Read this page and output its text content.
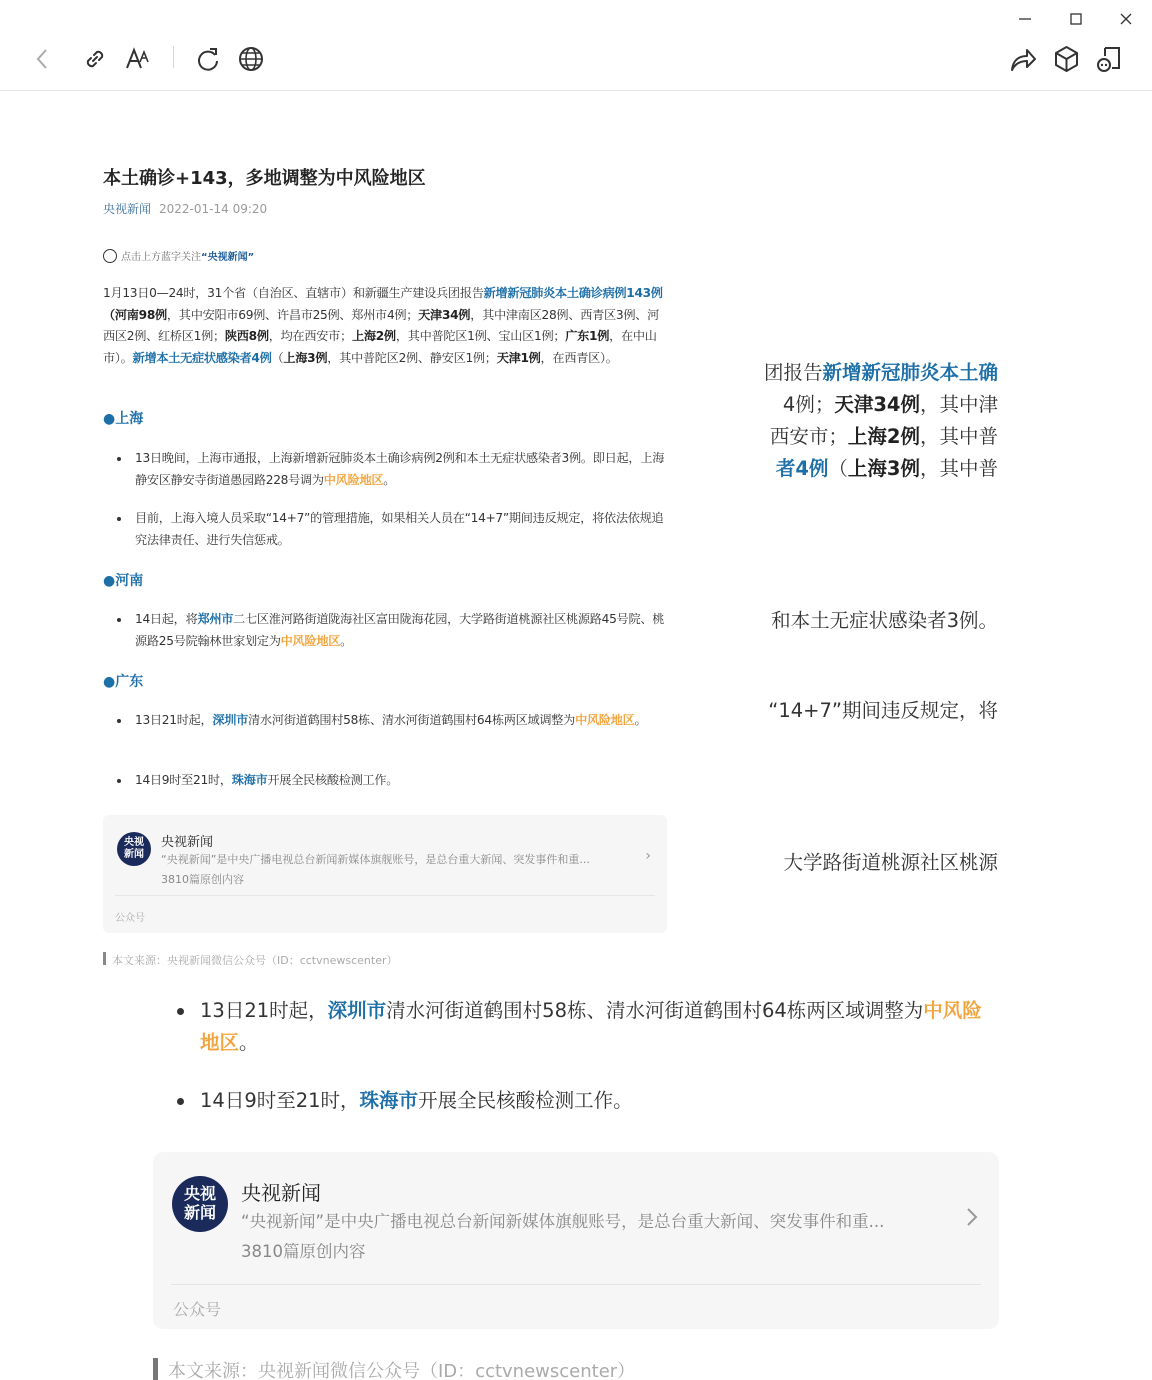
本土确诊+143，多地调整为中风险地区
央视新闻 2022-01-14 09:20
点击上方蓝字关注 “央视新闻”
1月13日0—24时，31个省（自治区、直辖市）和新疆生产建设兵团报告新增新冠肺炎本土确诊病例143例（河南98例，其中安阳市69例、许昌市25例、郑州市4例；天津34例，其中津南区28例、西青区3例、河西区2例、红桥区1例；陕西8例，均在西安市；上海2例，其中普陀区1例、宝山区1例；广东1例，在中山市）。新增本土无症状感染者4例（上海3例，其中普陀区2例、静安区1例；天津1例，在西青区）。
●上海
13日晚间，上海市通报，上海新增新冠肺炎本土确诊病例2例和本土无症状感染者3例。即日起，上海静安区静安寺街道愚园路228号调为中风险地区。
目前，上海入境人员采取“14+7”的管理措施，如果相关人员在“14+7”期间违反规定，将依法依规追究法律责任、进行失信惩戒。
●河南
14日起，将郑州市二七区淮河路街道陇海社区富田陇海花园，大学路街道桃源社区桃源路45号院、桃源路25号院翰林世家划定为中风险地区。
●广东
13日21时起，深圳市清水河街道鹤围村58栋、清水河街道鹤围村64栋两区域调整为中风险地区。
14日9时至21时，珠海市开展全民核酸检测工作。
央视
新闻
央视新闻
“央视新闻”是中央广播电视总台新闻新媒体旗舰账号，是总台重大新闻、突发事件和重...
3810篇原创内容
›
公众号
本文来源：央视新闻微信公众号（ID：cctvnewscenter）
团报告新增新冠肺炎本土确
4例；天津34例，其中津
西安市；上海2例，其中普
者4例（上海3例，其中普
和本土无症状感染者3例。
“14+7”期间违反规定，将
大学路街道桃源社区桃源
13日21时起，深圳市清水河街道鹤围村58栋、清水河街道鹤围村64栋两区域调整为中风险地区。
14日9时至21时，珠海市开展全民核酸检测工作。
央视
新闻
央视新闻
“央视新闻”是中央广播电视总台新闻新媒体旗舰账号，是总台重大新闻、突发事件和重...
3810篇原创内容
公众号
本文来源：央视新闻微信公众号（ID：cctvnewscenter）
